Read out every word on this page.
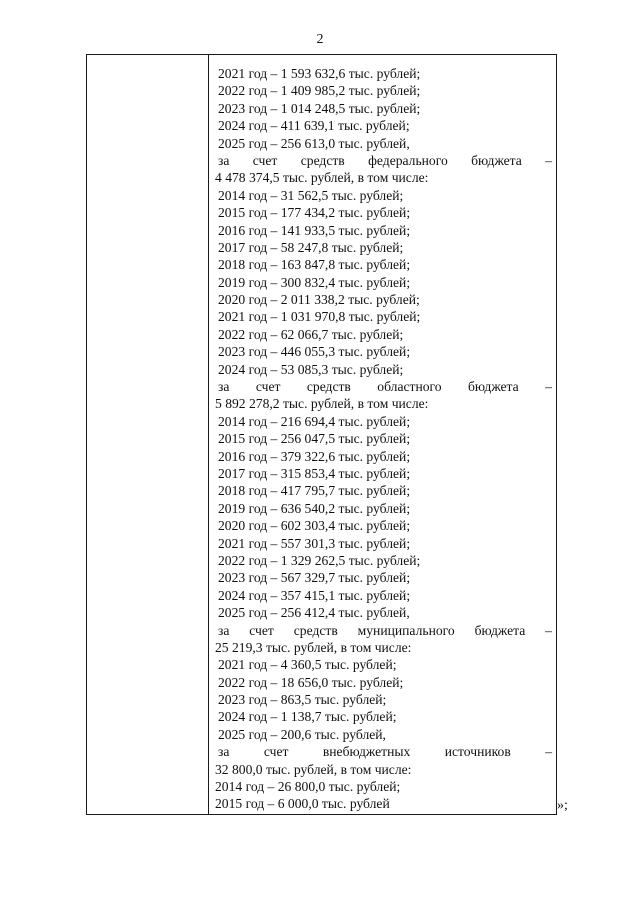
2
2021 год – 1 593 632,6 тыс. рублей;
2022 год – 1 409 985,2 тыс. рублей;
2023 год – 1 014 248,5 тыс. рублей;
2024 год – 411 639,1 тыс. рублей;
2025 год – 256 613,0 тыс. рублей,
за счет средств федерального бюджета –
4 478 374,5 тыс. рублей, в том числе:
2014 год – 31 562,5 тыс. рублей;
2015 год – 177 434,2 тыс. рублей;
2016 год – 141 933,5 тыс. рублей;
2017 год – 58 247,8 тыс. рублей;
2018 год – 163 847,8 тыс. рублей;
2019 год – 300 832,4 тыс. рублей;
2020 год – 2 011 338,2 тыс. рублей;
2021 год – 1 031 970,8 тыс. рублей;
2022 год – 62 066,7 тыс. рублей;
2023 год – 446 055,3 тыс. рублей;
2024 год – 53 085,3 тыс. рублей;
за счет средств областного бюджета –
5 892 278,2 тыс. рублей, в том числе:
2014 год – 216 694,4 тыс. рублей;
2015 год – 256 047,5 тыс. рублей;
2016 год – 379 322,6 тыс. рублей;
2017 год – 315 853,4 тыс. рублей;
2018 год – 417 795,7 тыс. рублей;
2019 год – 636 540,2 тыс. рублей;
2020 год – 602 303,4 тыс. рублей;
2021 год – 557 301,3 тыс. рублей;
2022 год – 1 329 262,5 тыс. рублей;
2023 год – 567 329,7 тыс. рублей;
2024 год – 357 415,1 тыс. рублей;
2025 год – 256 412,4 тыс. рублей,
за счет средств муниципального бюджета –
25 219,3 тыс. рублей, в том числе:
2021 год – 4 360,5 тыс. рублей;
2022 год – 18 656,0 тыс. рублей;
2023 год – 863,5 тыс. рублей;
2024 год – 1 138,7 тыс. рублей;
2025 год – 200,6 тыс. рублей,
за	счет	внебюджетных	источников	–
32 800,0 тыс. рублей, в том числе:
2014 год – 26 800,0 тыс. рублей;
2015 год – 6 000,0 тыс. рублей	»;
